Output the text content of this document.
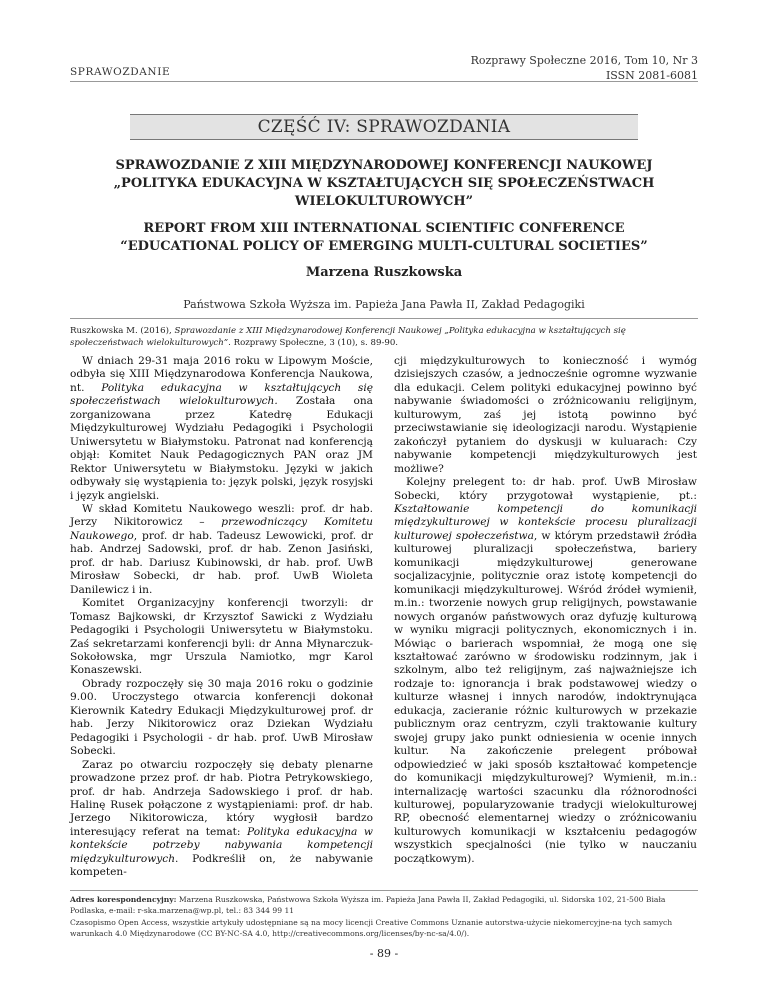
SPRAWOZDANIE
Rozprawy Społeczne 2016, Tom 10, Nr 3
ISSN 2081-6081
CZĘŚĆ IV: SPRAWOZDANIA
SPRAWOZDANIE Z XIII MIĘDZYNARODOWEJ KONFERENCJI NAUKOWEJ
„POLITYKA EDUKACYJNA W KSZTAŁTUJĄCYCH SIĘ SPOŁECZEŃSTWACH
WIELOKULTUROWYCH”
REPORT FROM XIII INTERNATIONAL SCIENTIFIC CONFERENCE
“EDUCATIONAL POLICY OF EMERGING MULTI-CULTURAL SOCIETIES”
Marzena Ruszkowska
Państwowa Szkoła Wyższa im. Papieża Jana Pawła II, Zakład Pedagogiki
Ruszkowska M. (2016), Sprawozdanie z XIII Międzynarodowej Konferencji Naukowej „Polityka edukacyjna w kształtujących się społeczeństwach wielokulturowych”. Rozprawy Społeczne, 3 (10), s. 89-90.

W dniach 29-31 maja 2016 roku w Lipowym Moście, odbyła się XIII Międzynarodowa Konferencja Naukowa, nt. Polityka edukacyjna w kształtujących się społeczeństwach wielokulturowych. Została ona zorganizowana przez Katedrę Edukacji Międzykulturowej Wydziału Pedagogiki i Psychologii Uniwersytetu w Białymstoku. Patronat nad konferencją objął: Komitet Nauk Pedagogicznych PAN oraz JM Rektor Uniwersytetu w Białymstoku. Języki w jakich odbywały się wystąpienia to: język polski, język rosyjski i język angielski.

W skład Komitetu Naukowego weszli: prof. dr hab. Jerzy Nikitorowicz – przewodniczący Komitetu Naukowego, prof. dr hab. Tadeusz Lewowicki, prof. dr hab. Andrzej Sadowski, prof. dr hab. Zenon Jasiński, prof. dr hab. Dariusz Kubinowski, dr hab. prof. UwB Mirosław Sobecki, dr hab. prof. UwB Wioleta Danilewicz i in.

Komitet Organizacyjny konferencji tworzyli: dr Tomasz Bajkowski, dr Krzysztof Sawicki z Wydziału Pedagogiki i Psychologii Uniwersytetu w Białymstoku. Zaś sekretarzami konferencji byli: dr Anna Młynarczuk-Sokołowska, mgr Urszula Namiotko, mgr Karol Konaszewski.

Obrady rozpoczęły się 30 maja 2016 roku o godzinie 9.00. Uroczystego otwarcia konferencji dokonał Kierownik Katedry Edukacji Międzykulturowej prof. dr hab. Jerzy Nikitorowicz oraz Dziekan Wydziału Pedagogiki i Psychologii - dr hab. prof. UwB Mirosław Sobecki.

Zaraz po otwarciu rozpoczęły się debaty plenarne prowadzone przez prof. dr hab. Piotra Petrykowskiego, prof. dr hab. Andrzeja Sadowskiego i prof. dr hab. Halinę Rusek połączone z wystąpieniami: prof. dr hab. Jerzego Nikitorowicza, który wygłosił bardzo interesujący referat na temat: Polityka edukacyjna w kontekście potrzeby nabywania kompetencji międzykulturowych. Podkreślił on, że nabywanie kompeten-

cji międzykulturowych to konieczność i wymóg dzisiejszych czasów, a jednocześnie ogromne wyzwanie dla edukacji. Celem polityki edukacyjnej powinno być nabywanie świadomości o zróżnicowaniu religijnym, kulturowym, zaś jej istotą powinno być przeciwstawianie się ideologizacji narodu. Wystąpienie zakończył pytaniem do dyskusji w kuluarach: Czy nabywanie kompetencji międzykulturowych jest możliwe?

Kolejny prelegent to: dr hab. prof. UwB Mirosław Sobecki, który przygotował wystąpienie, pt.: Kształtowanie kompetencji do komunikacji międzykulturowej w kontekście procesu pluralizacji kulturowej społeczeństwa, w którym przedstawił źródła kulturowej pluralizacji społeczeństwa, bariery komunikacji międzykulturowej generowane socjalizacyjnie, politycznie oraz istotę kompetencji do komunikacji międzykulturowej. Wśród źródeł wymienił, m.in.: tworzenie nowych grup religijnych, powstawanie nowych organów państwowych oraz dyfuzję kulturową w wyniku migracji politycznych, ekonomicznych i in. Mówiąc o barierach wspomniał, że mogą one się kształtować zarówno w środowisku rodzinnym, jak i szkolnym, albo też religijnym, zaś najważniejsze ich rodzaje to: ignorancja i brak podstawowej wiedzy o kulturze własnej i innych narodów, indoktrynująca edukacja, zacieranie różnic kulturowych w przekazie publicznym oraz centryzm, czyli traktowanie kultury swojej grupy jako punkt odniesienia w ocenie innych kultur. Na zakończenie prelegent próbował odpowiedzieć w jaki sposób kształtować kompetencje do komunikacji międzykulturowej? Wymienił, m.in.: internalizację wartości szacunku dla różnorodności kulturowej, popularyzowanie tradycji wielokulturowej RP, obecność elementarnej wiedzy o zróżnicowaniu kulturowych komunikacji w kształceniu pedagogów wszystkich specjalności (nie tylko w nauczaniu początkowym).

Adres korespondencyjny: Marzena Ruszkowska, Państwowa Szkoła Wyższa im. Papieża Jana Pawła II, Zakład Pedagogiki, ul. Sidorska 102, 21-500 Biała Podlaska, e-mail: r-ska.marzena@wp.pl, tel.: 83 344 99 11
Czasopismo Open Access, wszystkie artykuły udostępniane są na mocy licencji Creative Commons Uznanie autorstwa-użycie niekomercyjne-na tych samych warunkach 4.0 Międzynarodowe (CC BY-NC-SA 4.0, http://creativecommons.org/licenses/by-nc-sa/4.0/).
- 89 -
